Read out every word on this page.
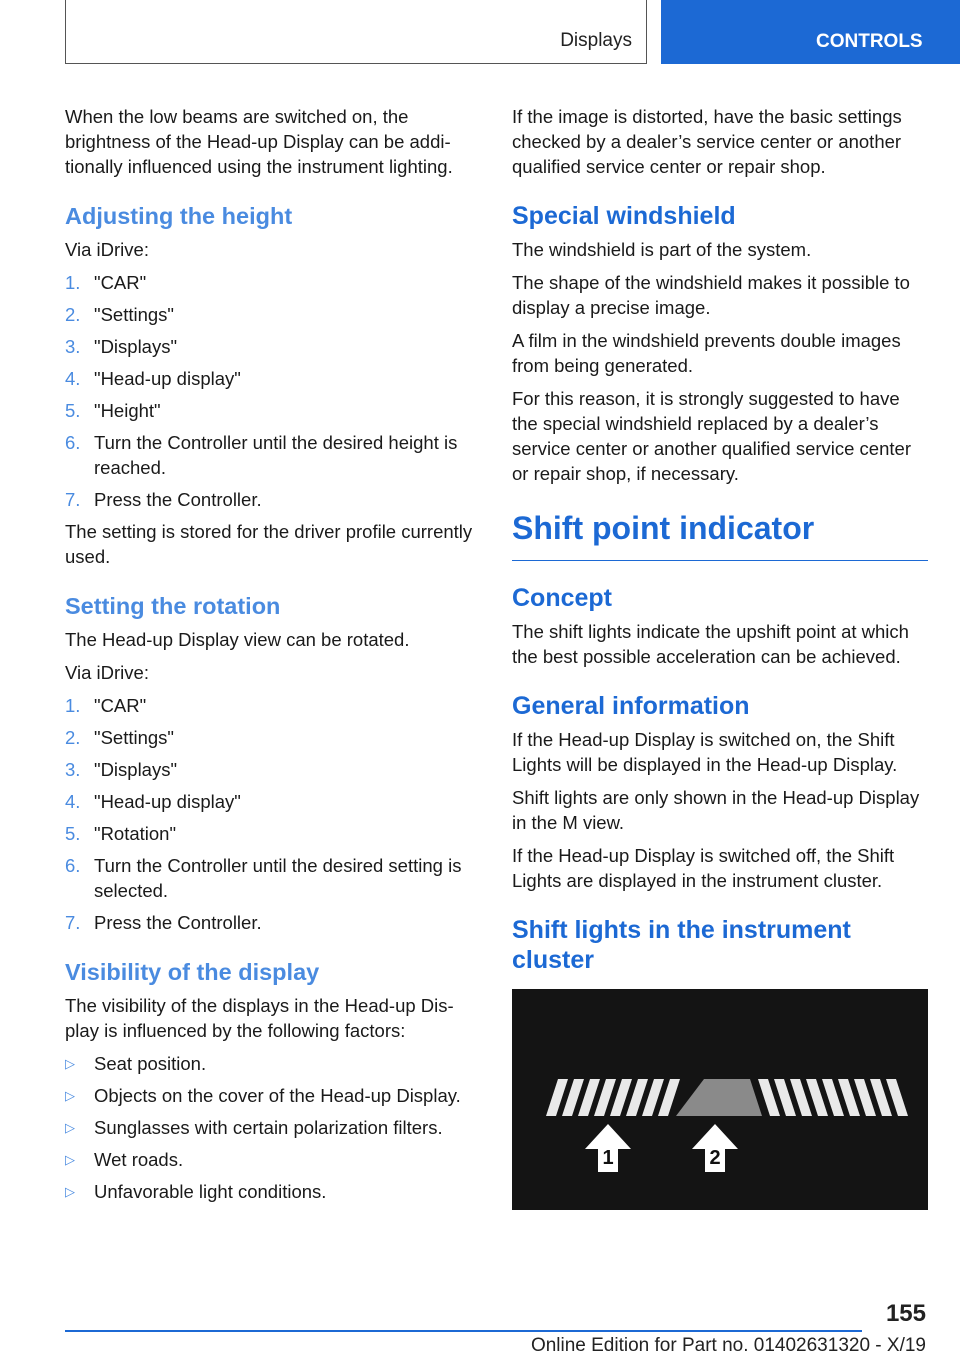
Displays	CONTROLS

When the low beams are switched on, the brightness of the Head-up Display can be additionally influenced using the instrument lighting.

Adjusting the height

Via iDrive:

1. "CAR"
2. "Settings"
3. "Displays"
4. "Head-up display"
5. "Height"
6. Turn the Controller until the desired height is reached.
7. Press the Controller.

The setting is stored for the driver profile currently used.

Setting the rotation

The Head-up Display view can be rotated.

Via iDrive:

1. "CAR"
2. "Settings"
3. "Displays"
4. "Head-up display"
5. "Rotation"
6. Turn the Controller until the desired setting is selected.
7. Press the Controller.
Visibility of the display

The visibility of the displays in the Head-up Display is influenced by the following factors:

▷ Seat position.
▷ Objects on the cover of the Head-up Display.
▷ Sunglasses with certain polarization filters.
▷ Wet roads.
▷ Unfavorable light conditions.

If the image is distorted, have the basic settings checked by a dealer’s service center or another qualified service center or repair shop.

Special windshield

The windshield is part of the system.

The shape of the windshield makes it possible to display a precise image.

A film in the windshield prevents double images from being generated.

For this reason, it is strongly suggested to have the special windshield replaced by a dealer’s service center or another qualified service center or repair shop, if necessary.

Shift point indicator
Concept

The shift lights indicate the upshift point at which the best possible acceleration can be achieved.

General information

If the Head-up Display is switched on, the Shift Lights will be displayed in the Head-up Display.

Shift lights are only shown in the Head-up Display in the M view.

If the Head-up Display is switched off, the Shift Lights are displayed in the instrument cluster.

Shift lights in the instrument cluster
1	2
155
Online Edition for Part no. 01402631320 - X/19
